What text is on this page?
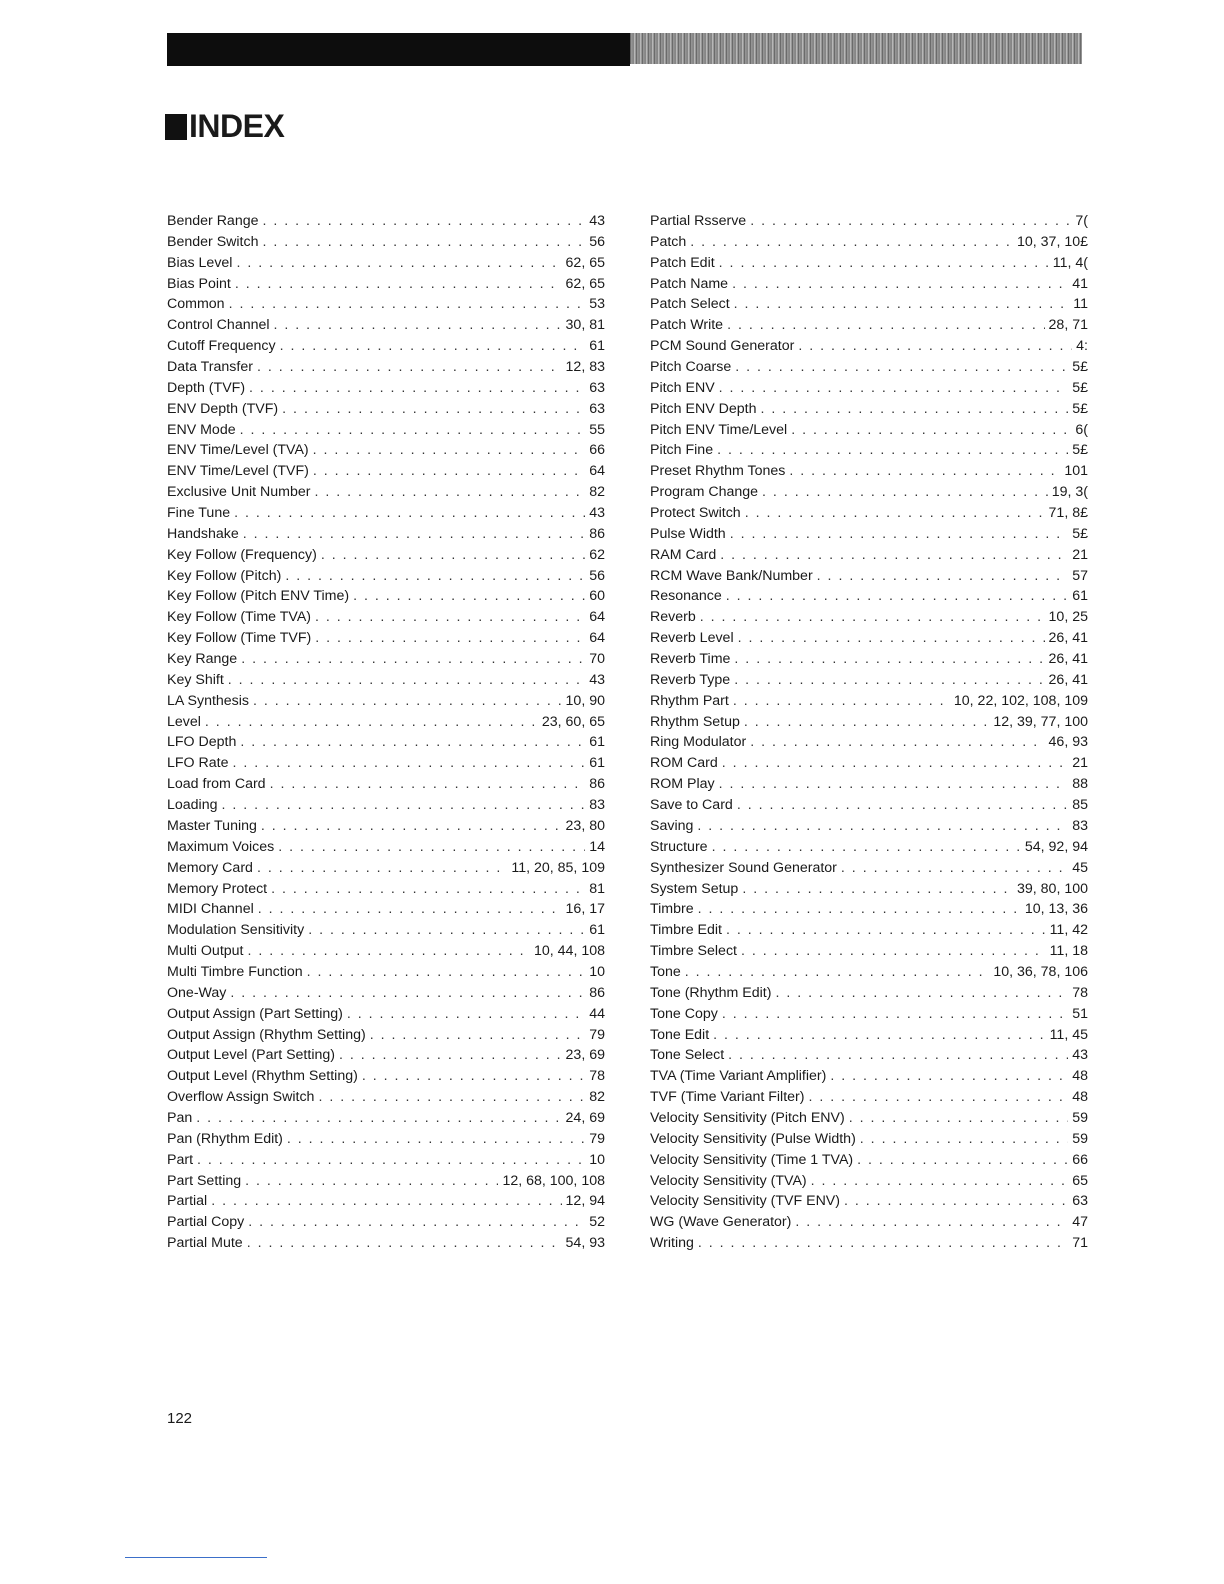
INDEX
Bender Range . . .	43
Bender Switch . . .	56
Bias Level . . .	62, 65
Bias Point . . .	62, 65
Common . . .	53
Control Channel . . .	30, 81
Cutoff Frequency . . .	61
Data Transfer . . .	12, 83
Depth (TVF) . . .	63
ENV Depth (TVF) . . .	63
ENV Mode . . .	55
ENV Time/Level (TVA) . . .	66
ENV Time/Level (TVF) . . .	64
Exclusive Unit Number . . .	82
Fine Tune . . .	43
Handshake . . .	86
Key Follow (Frequency) . . .	62
Key Follow (Pitch) . . .	56
Key Follow (Pitch ENV Time) . . .	60
Key Follow (Time TVA) . . .	64
Key Follow (Time TVF) . . .	64
Key Range . . .	70
Key Shift . . .	43
LA Synthesis . . .	10, 90
Level . . .	23, 60, 65
LFO Depth . . .	61
LFO Rate . . .	61
Load from Card . . .	86
Loading . . .	83
Master Tuning . . .	23, 80
Maximum Voices . . .	14
Memory Card . . .	11, 20, 85, 109
Memory Protect . . .	81
MIDI Channel . . .	16, 17
Modulation Sensitivity . . .	61
Multi Output . . .	10, 44, 108
Multi Timbre Function . . .	10
One-Way . . .	86
Output Assign (Part Setting) . . .	44
Output Assign (Rhythm Setting) . . .	79
Output Level (Part Setting) . . .	23, 69
Output Level (Rhythm Setting) . . .	78
Overflow Assign Switch . . .	82
Pan . . .	24, 69
Pan (Rhythm Edit) . . .	79
Part . . .	10
Part Setting . . .	12, 68, 100, 108
Partial . . .	12, 94
Partial Copy . . .	52
Partial Mute . . .	54, 93
Partial Rsserve . . .	7(
Patch . . .	10, 37, 10£
Patch Edit . . .	11, 4(
Patch Name . . .	41
Patch Select . . .	11
Patch Write . . .	28, 71
PCM Sound Generator . . .	4:
Pitch Coarse . . .	5£
Pitch ENV . . .	5£
Pitch ENV Depth . . .	5£
Pitch ENV Time/Level . . .	6(
Pitch Fine . . .	5£
Preset Rhythm Tones . . .	101
Program Change . . .	19, 3(
Protect Switch . . .	71, 8£
Pulse Width . . .	5£
RAM Card . . .	21
RCM Wave Bank/Number . . .	57
Resonance . . .	61
Reverb . . .	10, 25
Reverb Level . . .	26, 41
Reverb Time . . .	26, 41
Reverb Type . . .	26, 41
Rhythm Part . . .	10, 22, 102, 108, 109
Rhythm Setup . . .	12, 39, 77, 100
Ring Modulator . . .	46, 93
ROM Card . . .	21
ROM Play . . .	88
Save to Card . . .	85
Saving . . .	83
Structure . . .	54, 92, 94
Synthesizer Sound Generator . . .	45
System Setup . . .	39, 80, 100
Timbre . . .	10, 13, 36
Timbre Edit . . .	11, 42
Timbre Select . . .	11, 18
Tone . . .	10, 36, 78, 106
Tone (Rhythm Edit) . . .	78
Tone Copy . . .	51
Tone Edit . . .	11, 45
Tone Select . . .	43
TVA (Time Variant Amplifier) . . .	48
TVF (Time Variant Filter) . . .	48
Velocity Sensitivity (Pitch ENV) . . .	59
Velocity Sensitivity (Pulse Width) . . .	59
Velocity Sensitivity (Time 1 TVA) . . .	66
Velocity Sensitivity (TVA) . . .	65
Velocity Sensitivity (TVF ENV) . . .	63
WG (Wave Generator) . . .	47
Writing . . .	71
122
